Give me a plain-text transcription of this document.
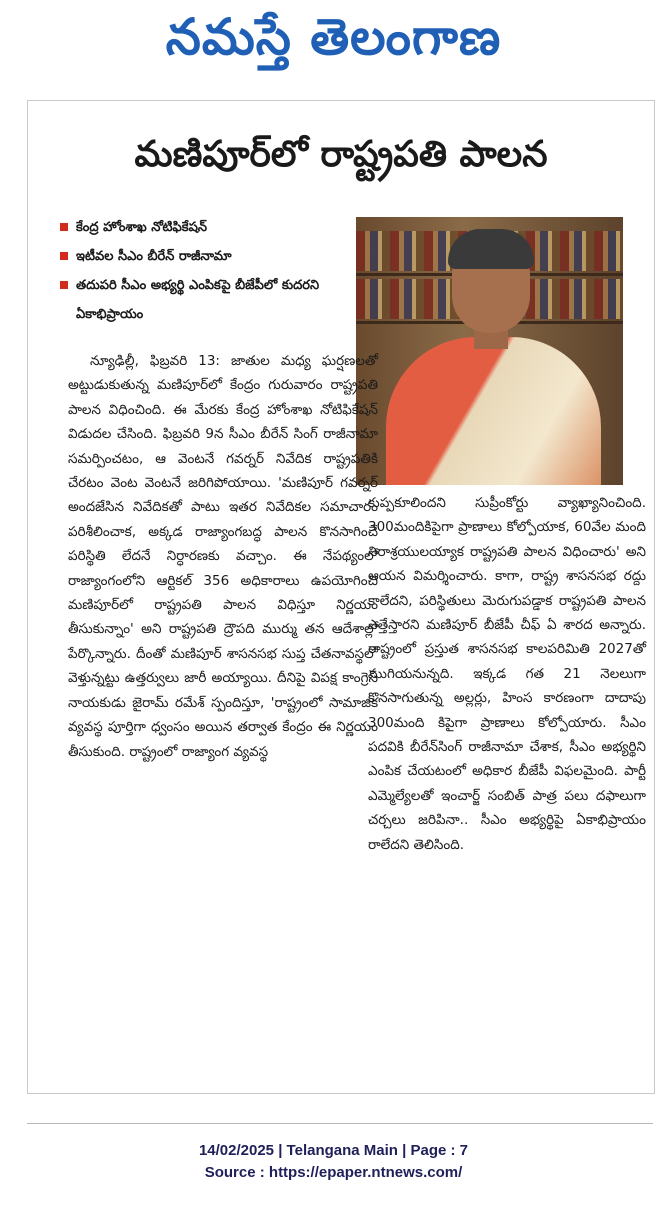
నమస్తే తెలంగాణ
మణిపూర్‌లో రాష్ట్రపతి పాలన
కేంద్ర హోంశాఖ నోటిఫికేషన్
ఇటీవల సీఎం బీరేన్ రాజీనామా
తదుపరి సీఎం అభ్యర్థి ఎంపికపై బీజేపీలో కుదరని ఏకాభిప్రాయం

న్యూఢిల్లీ, ఫిబ్రవరి 13: జాతుల మధ్య ఘర్షణలతో అట్టుడుకుతున్న మణిపూర్‌లో కేంద్రం గురువారం రాష్ట్రపతి పాలన విధించింది. ఈ మేరకు కేంద్ర హోంశాఖ నోటిఫికేషన్ విడుదల చేసింది. ఫిబ్రవరి 9న సీఎం బీరేన్ సింగ్ రాజీనామా సమర్పించటం, ఆ వెంటనే గవర్నర్ నివేదిక రాష్ట్రపతికి చేరటం వెంట వెంటనే జరిగిపోయాయి. 'మణిపూర్ గవర్నర్ అందజేసిన నివేదికతో పాటు ఇతర నివేదికల సమాచారం పరిశీలించాక, అక్కడ రాజ్యాంగబద్ధ పాలన కొనసాగించే పరిస్థితి లేదనే నిర్ధారణకు వచ్చాం. ఈ నేపథ్యంలో రాజ్యాంగంలోని ఆర్టికల్ 356 అధికారాలు ఉపయోగించి మణిపూర్‌లో రాష్ట్రపతి పాలన విధిస్తూ నిర్ణయం తీసుకున్నాం' అని రాష్ట్రపతి ద్రౌపది ముర్ము తన ఆదేశాల్లో పేర్కొన్నారు. దీంతో మణిపూర్ శాసనసభ సుప్త చేతనావస్థలో వెళ్తున్నట్టు ఉత్తర్వులు జారీ అయ్యాయి. దీనిపై విపక్ష కాంగ్రెస్ నాయకుడు జైరామ్ రమేశ్ స్పందిస్తూ, 'రాష్ట్రంలో సామాజిక వ్యవస్థ పూర్తిగా ధ్వంసం అయిన తర్వాత కేంద్రం ఈ నిర్ణయం తీసుకుంది. రాష్ట్రంలో రాజ్యాంగ వ్యవస్థ

కుప్పకూలిందని సుప్రీంకోర్టు వ్యాఖ్యానించింది. 300మందికిపైగా ప్రాణాలు కోల్పోయాక, 60వేల మంది నిరాశ్రయులయ్యాక రాష్ట్రపతి పాలన విధించారు' అని ఆయన విమర్శించారు. కాగా, రాష్ట్ర శాసనసభ రద్దు కాలేదని, పరిస్థితులు మెరుగుపడ్డాక రాష్ట్రపతి పాలన ఎత్తేస్తారని మణిపూర్ బీజేపీ చీఫ్ ఏ శారద అన్నారు. రాష్ట్రంలో ప్రస్తుత శాసనసభ కాలపరిమితి 2027తో ముగియనున్నది. ఇక్కడ గత 21 నెలలుగా కొనసాగుతున్న అల్లర్లు, హింస కారణంగా దాదాపు 300మంది కిపైగా ప్రాణాలు కోల్పోయారు. సీఎం పదవికి బీరేన్‌సింగ్ రాజీనామా చేశాక, సీఎం అభ్యర్థిని ఎంపిక చేయటంలో అధికార బీజేపీ విఫలమైంది. పార్టీ ఎమ్మెల్యేలతో ఇంచార్జ్ సంబిత్ పాత్ర పలు దఫాలుగా చర్చలు జరిపినా.. సీఎం అభ్యర్థిపై ఏకాభిప్రాయం రాలేదని తెలిసింది.

14/02/2025 | Telangana Main | Page : 7
Source : https://epaper.ntnews.com/
